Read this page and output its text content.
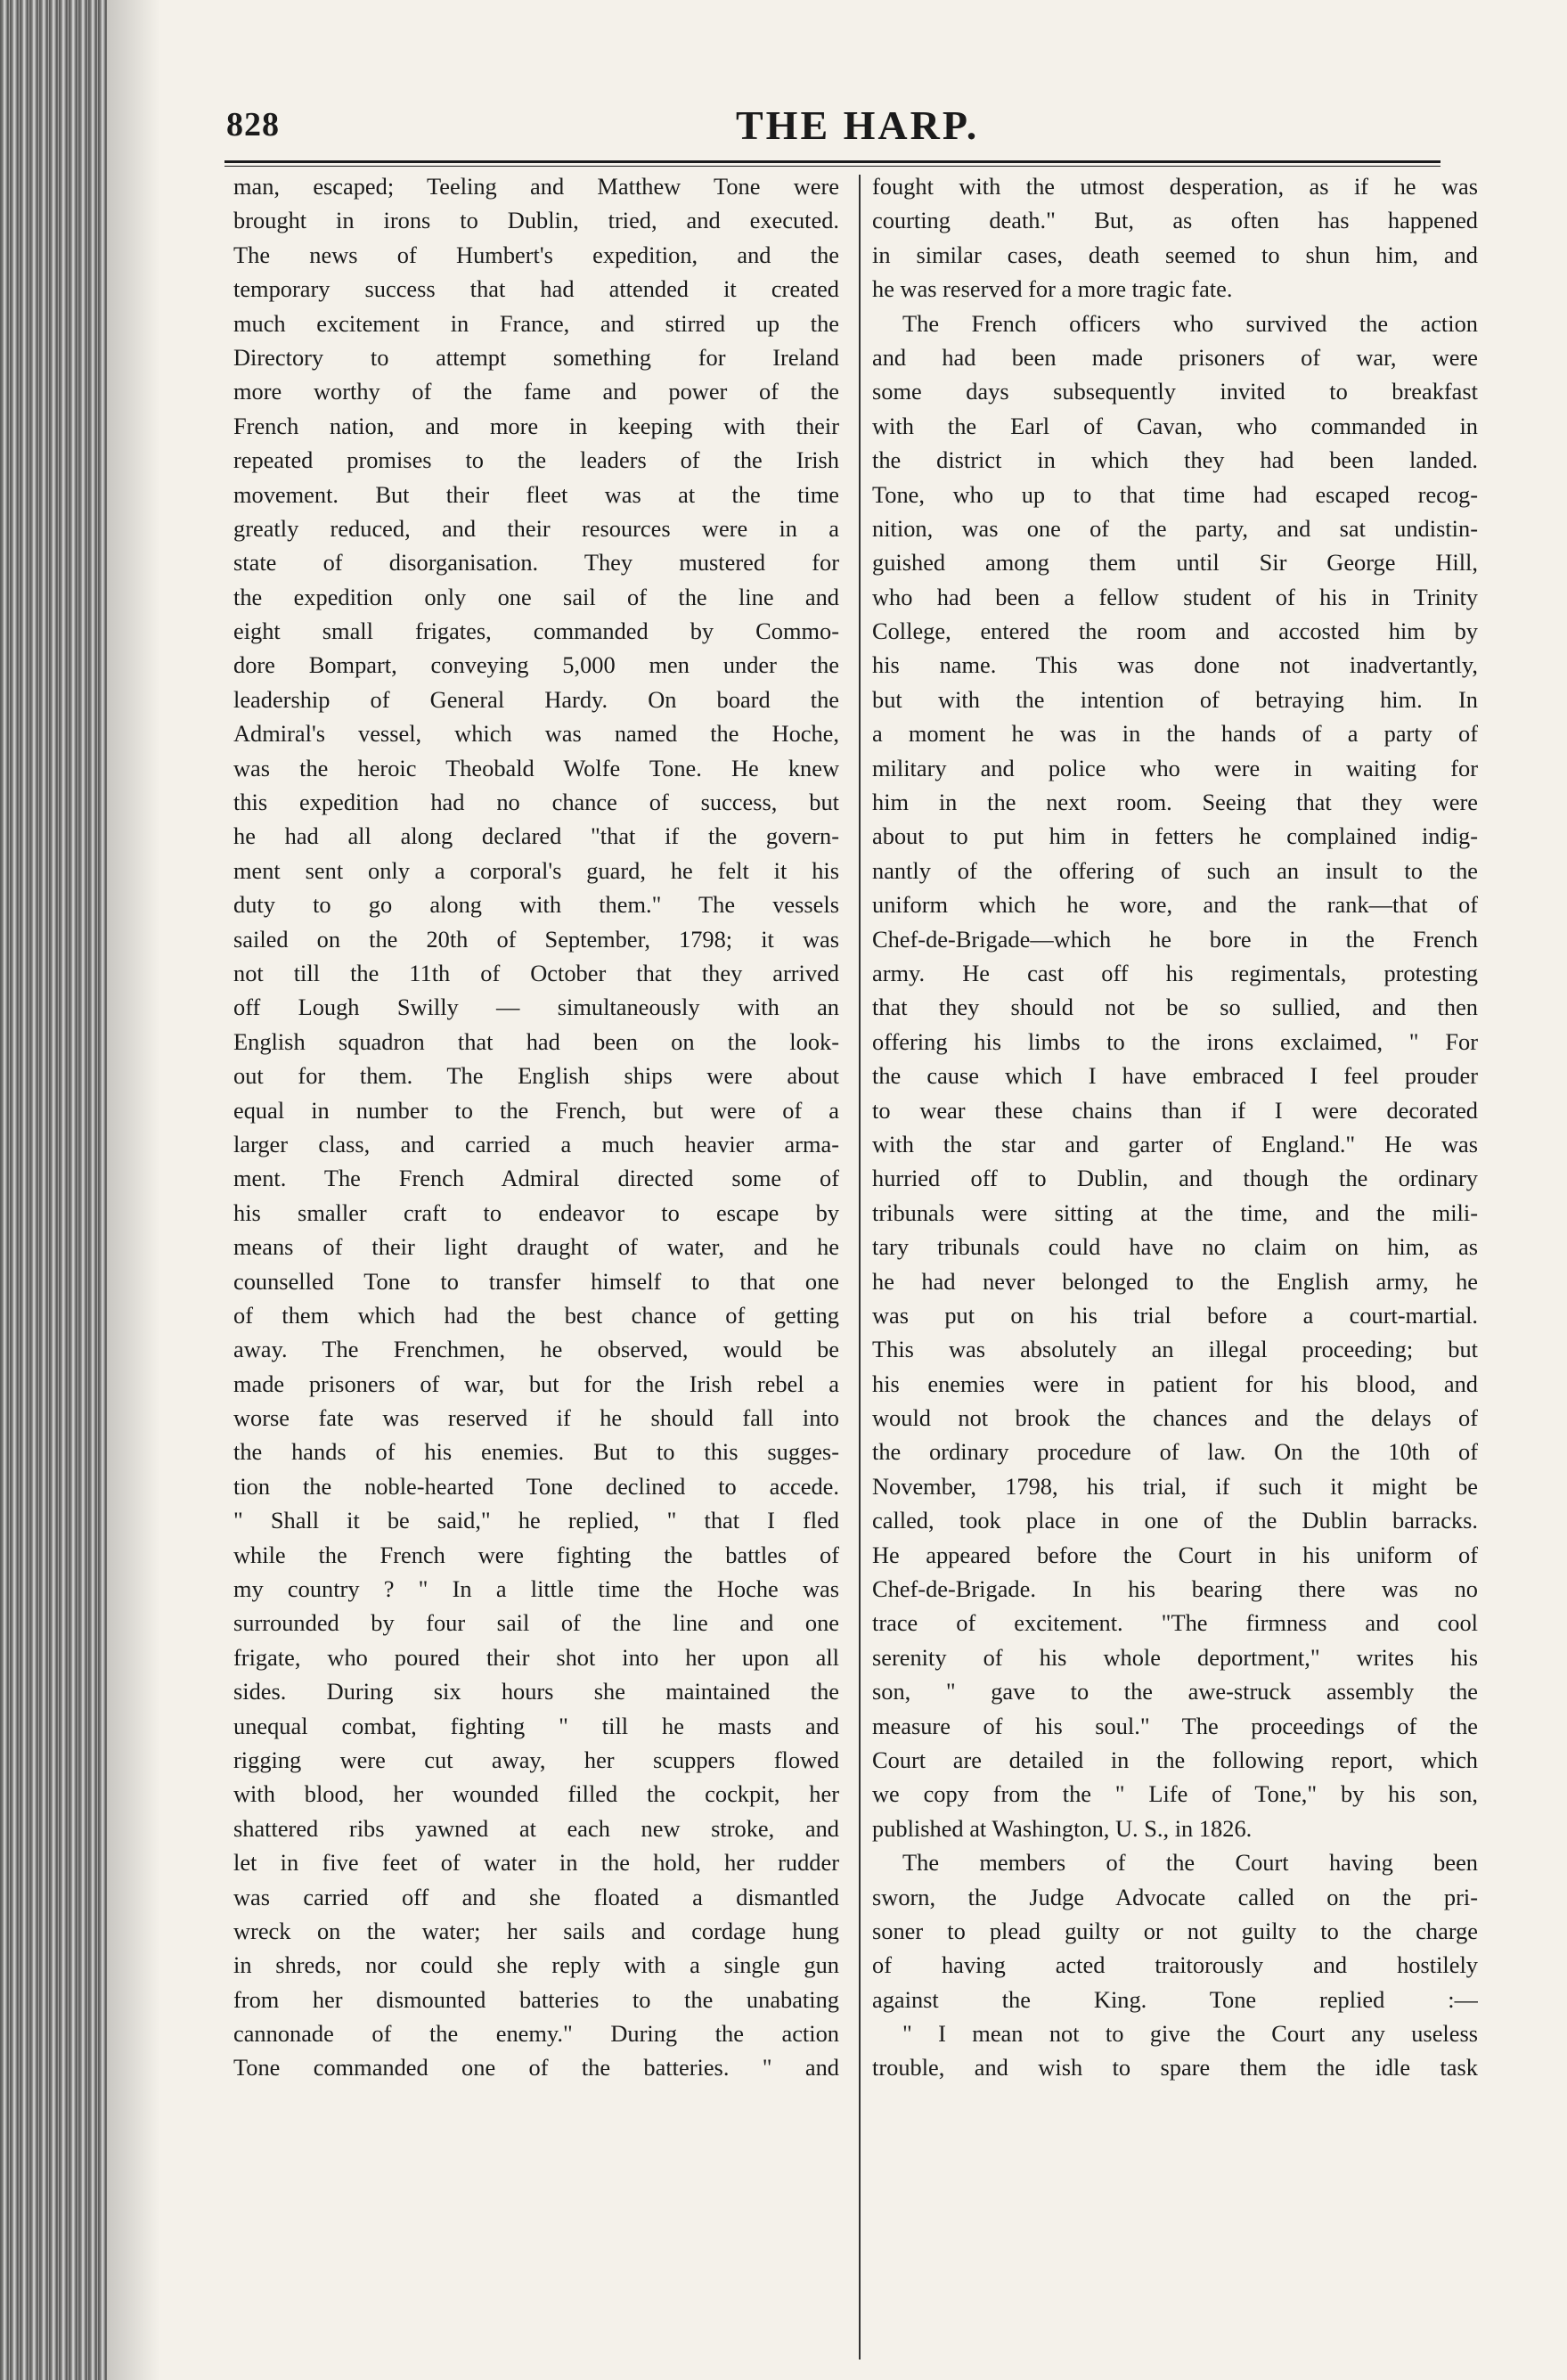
828	THE HARP.
man, escaped; Teeling and Matthew Tone were
brought in irons to Dublin, tried, and executed.
The news of Humbert's expedition, and the
temporary success that had attended it created
much excitement in France, and stirred up the
Directory to attempt something for Ireland
more worthy of the fame and power of the
French nation, and more in keeping with their
repeated promises to the leaders of the Irish
movement. But their fleet was at the time
greatly reduced, and their resources were in a
state of disorganisation. They mustered for
the expedition only one sail of the line and
eight small frigates, commanded by Commo-
dore Bompart, conveying 5,000 men under the
leadership of General Hardy. On board the
Admiral's vessel, which was named the Hoche,
was the heroic Theobald Wolfe Tone. He knew
this expedition had no chance of success, but
he had all along declared "that if the govern-
ment sent only a corporal's guard, he felt it his
duty to go along with them." The vessels
sailed on the 20th of September, 1798; it was
not till the 11th of October that they arrived
off Lough Swilly — simultaneously with an
English squadron that had been on the look-
out for them. The English ships were about
equal in number to the French, but were of a
larger class, and carried a much heavier arma-
ment. The French Admiral directed some of
his smaller craft to endeavor to escape by
means of their light draught of water, and he
counselled Tone to transfer himself to that one
of them which had the best chance of getting
away. The Frenchmen, he observed, would be
made prisoners of war, but for the Irish rebel a
worse fate was reserved if he should fall into
the hands of his enemies. But to this sugges-
tion the noble-hearted Tone declined to accede.
" Shall it be said," he replied, " that I fled
while the French were fighting the battles of
my country ? " In a little time the Hoche was
surrounded by four sail of the line and one
frigate, who poured their shot into her upon all
sides. During six hours she maintained the
unequal combat, fighting " till he masts and
rigging were cut away, her scuppers flowed
with blood, her wounded filled the cockpit, her
shattered ribs yawned at each new stroke, and
let in five feet of water in the hold, her rudder
was carried off and she floated a dismantled
wreck on the water; her sails and cordage hung
in shreds, nor could she reply with a single gun
from her dismounted batteries to the unabating
cannonade of the enemy." During the action
Tone commanded one of the batteries. " and
fought with the utmost desperation, as if he was
courting death." But, as often has happened
in similar cases, death seemed to shun him, and
he was reserved for a more tragic fate.
The French officers who survived the action
and had been made prisoners of war, were
some days subsequently invited to breakfast
with the Earl of Cavan, who commanded in
the district in which they had been landed.
Tone, who up to that time had escaped recog-
nition, was one of the party, and sat undistin-
guished among them until Sir George Hill,
who had been a fellow student of his in Trinity
College, entered the room and accosted him by
his name. This was done not inadvertantly,
but with the intention of betraying him. In
a moment he was in the hands of a party of
military and police who were in waiting for
him in the next room. Seeing that they were
about to put him in fetters he complained indig-
nantly of the offering of such an insult to the
uniform which he wore, and the rank—that of
Chef-de-Brigade—which he bore in the French
army. He cast off his regimentals, protesting
that they should not be so sullied, and then
offering his limbs to the irons exclaimed, " For
the cause which I have embraced I feel prouder
to wear these chains than if I were decorated
with the star and garter of England." He was
hurried off to Dublin, and though the ordinary
tribunals were sitting at the time, and the mili-
tary tribunals could have no claim on him, as
he had never belonged to the English army, he
was put on his trial before a court-martial.
This was absolutely an illegal proceeding; but
his enemies were in patient for his blood, and
would not brook the chances and the delays of
the ordinary procedure of law. On the 10th of
November, 1798, his trial, if such it might be
called, took place in one of the Dublin barracks.
He appeared before the Court in his uniform of
Chef-de-Brigade. In his bearing there was no
trace of excitement. "The firmness and cool
serenity of his whole deportment," writes his
son, " gave to the awe-struck assembly the
measure of his soul." The proceedings of the
Court are detailed in the following report, which
we copy from the " Life of Tone," by his son,
published at Washington, U. S., in 1826.
The members of the Court having been
sworn, the Judge Advocate called on the pri-
soner to plead guilty or not guilty to the charge
of having acted traitorously and hostilely
against the King. Tone replied :—
" I mean not to give the Court any useless
trouble, and wish to spare them the idle task
